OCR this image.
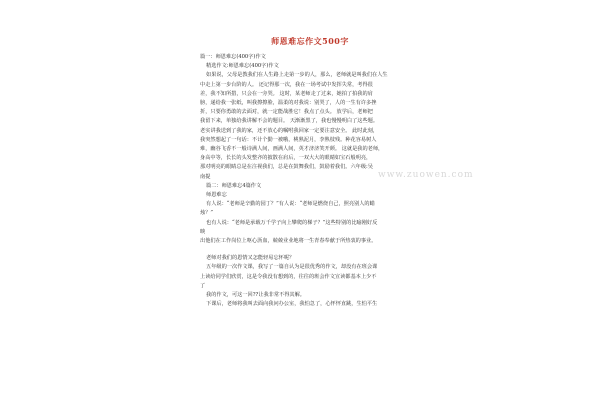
师恩难忘作文500字
篇一：师恩难忘(400字)作文
精选作文:师恩难忘(400字)作文
如果说，父母是教我们在人生路上走第一步的人，那么，老师就是叫我们在人生
中走上第一步台阶的人。 还记得那一次，我在一场考试中发挥失常，考得很
差，我不知所措，只会在一旁哭。 这时，某老师走了过来，她拍了拍我的肩
膀，递给我一张纸，叫我擦擦脸，温柔的对我说：别哭了，人的一生有许多挫
折，只要你勇敢的去面对，就一定能战胜它！我点了点头。 放学后，老师把
我留下来，单独给我讲解不会的题目。 天渐渐黑了，我也慢慢明白了这些题。
老实讲我送到了我的家，还不放心的嘱咐我回家一定要注意安全。 此时此刻，
我突然想起了一句话：不计个勤一被哦，桃熟泥月，李熟枝残。种花容易树人
难，幽谷飞香不一般诗满人间，画满人间，英才济济笑开颜。 这就是我的老师，
身高中等，长长的头发整齐的披散在肩后，一双大大的眼睛如宝石般明亮，
那对明亮的眼睛总是在注视我们，总是在鼓舞我们，鼓励着我们。六年级:吴
南提
篇二：师恩难忘4篇作文
师恩难忘
有人说：“老师是辛勤的园丁？”有人说：“老师是燃烧自己，照亮别人的蜡
烛？”
也有人说：“老师是承载万千学子向上攀爬的梯子？”这些特别的比喻刚好反
映
出他们在工作岗位上呕心沥血，兢兢业业地将一生青春奉献于所热衷的事业。
老师对我们的恩情又怎能轻易忘怀呢？
五年级的一次作文课，我写了一篇自认为是很优秀的作文，却没有在班会课
上读给同学们欣赏，这是令我没有想到的，往往的班会作文宣读都基本上少不
了
我的作文，可这一回??让我非常不得其解。
下课后，老师将我叫去面向我问办公室，我怕急了，心怦怦直跳，生怕平生
www.zuowen.com
